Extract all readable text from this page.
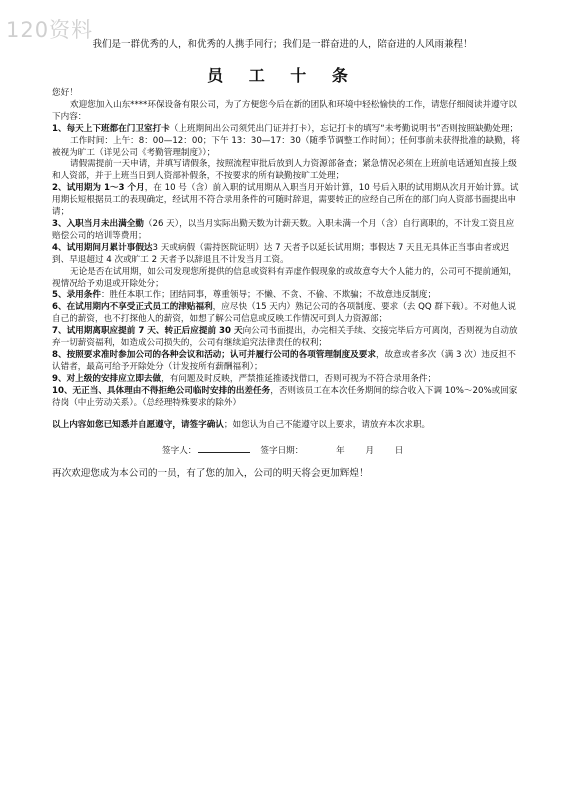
120资料
我们是一群优秀的人，和优秀的人携手同行；我们是一群奋进的人，陪奋进的人风雨兼程！
员 工 十 条

您好！

欢迎您加入山东****环保设备有限公司，为了方便您今后在新的团队和环境中轻松愉快的工作，请您仔细阅读并遵守以下内容：

1、每天上下班都在门卫室打卡（上班期间出公司须凭出门证并打卡），忘记打卡的填写“未考勤说明书”否则按照缺勤处理；

工作时间：上午：8：00—12：00；下午 13：30—17：30（随季节调整工作时间）；任何事前未获得批准的缺勤，将被视为旷工（详见公司《考勤管理制度》）；

请假需提前一天申请，并填写请假条，按照流程审批后放到人力资源部备查；紧急情况必须在上班前电话通知直接上级和人资部，并于上班当日到人资部补假条，不按要求的所有缺勤按旷工处理；

2、试用期为 1～3 个月，在 10 号（含）前入职的试用期从入职当月开始计算，10 号后入职的试用期从次月开始计算。试用期长短根据员工的表现确定，经试用不符合录用条件的可随时辞退，需要转正的应经自己所在的部门向人资部书面提出申请；

3、入职当月未出满全勤（26 天），以当月实际出勤天数为计薪天数。入职未满一个月（含）自行离职的，不计发工资且应赔偿公司的培训等费用；

4、试用期间月累计事假达3 天或病假（需持医院证明）达 7 天者予以延长试用期；事假达 7 天且无具体正当事由者或迟到、早退超过 4 次或旷工 2 天者予以辞退且不计发当月工资。

无论是否在试用期，如公司发现您所提供的信息或资料有弄虚作假现象的或故意夸大个人能力的，公司可不提前通知，视情况给予劝退或开除处分；

5、录用条件：胜任本职工作；团结同事，尊重领导；不懒、不贪、不偷、不欺骗；不故意违反制度；

6、在试用期内不享受正式员工的津贴福利，应尽快（15 天内）熟记公司的各项制度、要求（去 QQ 群下载）。不对他人说自己的薪资，也不打探他人的薪资，如想了解公司信息或反映工作情况可到人力资源部；

7、试用期离职应提前 7 天、转正后应提前 30 天向公司书面提出，办完相关手续、交接完毕后方可离岗，否则视为自动放弃一切薪资福利，如造成公司损失的，公司有继续追究法律责任的权利；

8、按照要求准时参加公司的各种会议和活动；认可并履行公司的各项管理制度及要求，故意或者多次（满 3 次）违反担不认错者，最高可给予开除处分（计发按所有薪酬福利）；

9、对上级的安排应立即去做，有问题及时反映，严禁推延推诿找借口，否则可视为不符合录用条件；

10、无正当、具体理由不得拒绝公司临时安排的出差任务，否则该员工在本次任务期间的综合收入下调 10%～20%或回家待岗（中止劳动关系）。（总经理特殊要求的除外）

以上内容如您已知悉并自愿遵守，请签字确认；如您认为自己不能遵守以上要求，请放弃本次求职。

签字人：	签字日期：	年 月 日

再次欢迎您成为本公司的一员，有了您的加入，公司的明天将会更加辉煌！
